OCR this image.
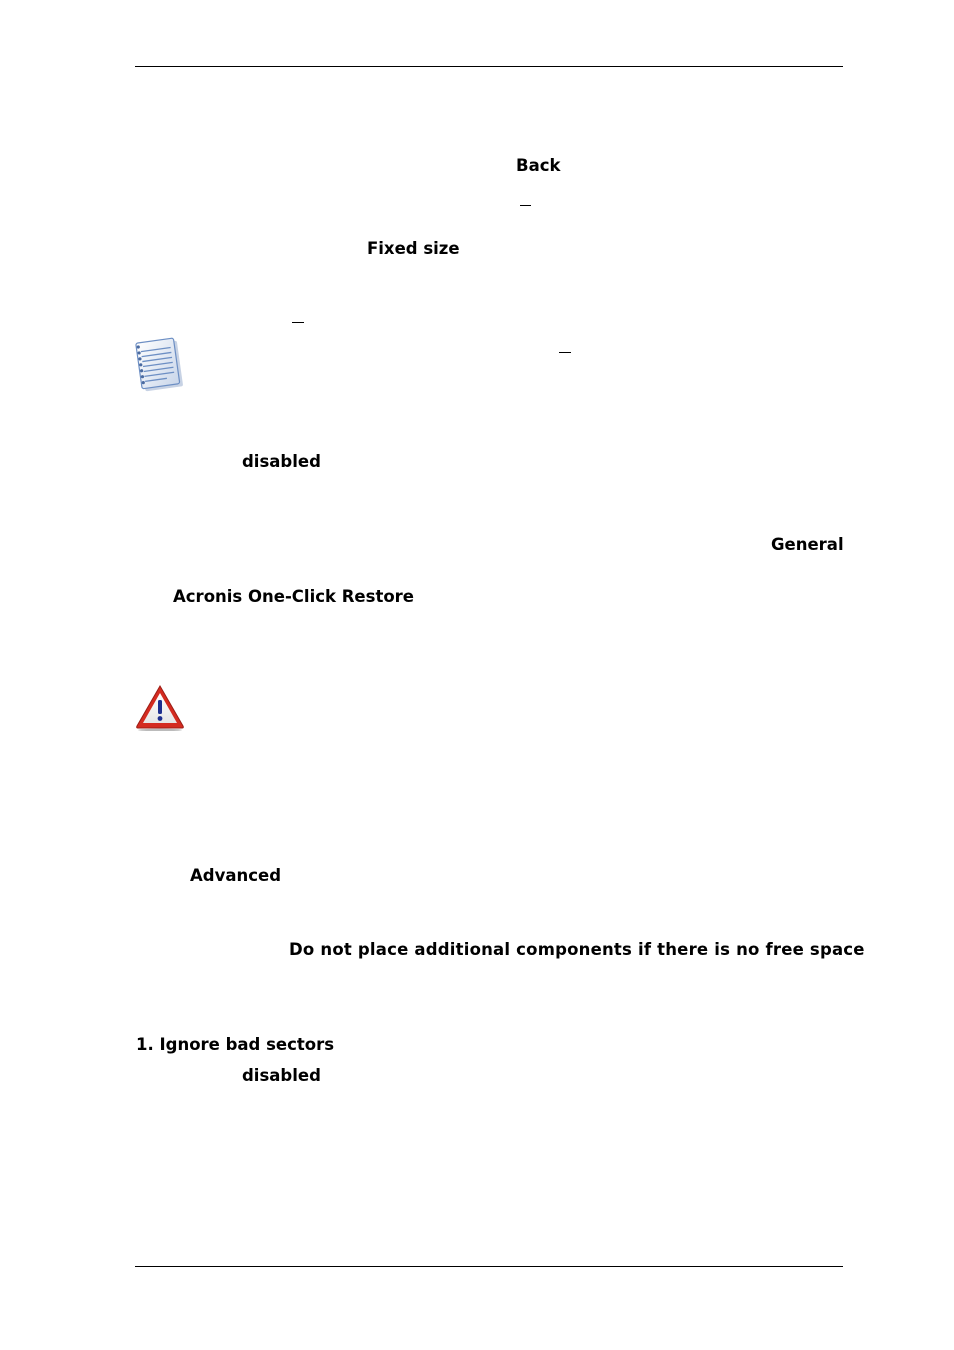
Back
Fixed size
disabled
General
Acronis One-Click Restore
Advanced
Do not place additional components if there is no free space
1. Ignore bad sectors
disabled
